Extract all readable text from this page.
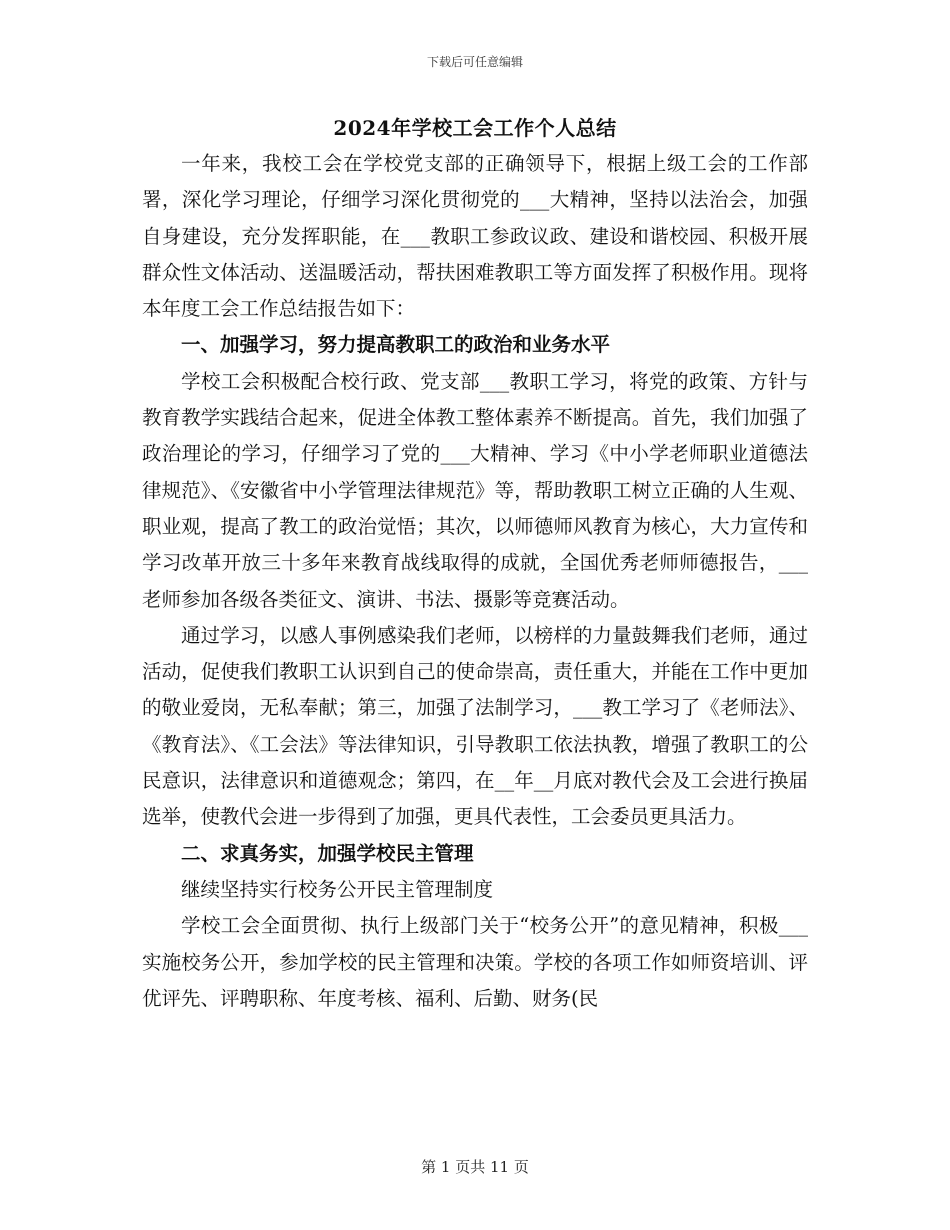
下载后可任意编辑
2024年学校工会工作个人总结

一年来，我校工会在学校党支部的正确领导下，根据上级工会的工作部署，深化学习理论，仔细学习深化贯彻党的___大精神，坚持以法治会，加强自身建设，充分发挥职能，在___教职工参政议政、建设和谐校园、积极开展群众性文体活动、送温暖活动，帮扶困难教职工等方面发挥了积极作用。现将本年度工会工作总结报告如下：

一、加强学习，努力提高教职工的政治和业务水平

学校工会积极配合校行政、党支部___教职工学习，将党的政策、方针与教育教学实践结合起来，促进全体教工整体素养不断提高。首先，我们加强了政治理论的学习，仔细学习了党的___大精神、学习《中小学老师职业道德法律规范》、《安徽省中小学管理法律规范》等，帮助教职工树立正确的人生观、职业观，提高了教工的政治觉悟；其次，以师德师风教育为核心，大力宣传和学习改革开放三十多年来教育战线取得的成就，全国优秀老师师德报告，___老师参加各级各类征文、演讲、书法、摄影等竞赛活动。

通过学习，以感人事例感染我们老师，以榜样的力量鼓舞我们老师，通过活动，促使我们教职工认识到自己的使命崇高，责任重大，并能在工作中更加的敬业爱岗，无私奉献；第三，加强了法制学习，___教工学习了《老师法》、《教育法》、《工会法》等法律知识，引导教职工依法执教，增强了教职工的公民意识，法律意识和道德观念；第四，在__年__月底对教代会及工会进行换届选举，使教代会进一步得到了加强，更具代表性，工会委员更具活力。

二、求真务实，加强学校民主管理

继续坚持实行校务公开民主管理制度

学校工会全面贯彻、执行上级部门关于“校务公开”的意见精神，积极___实施校务公开，参加学校的民主管理和决策。学校的各项工作如师资培训、评优评先、评聘职称、年度考核、福利、后勤、财务(民

第 1 页共 11 页
